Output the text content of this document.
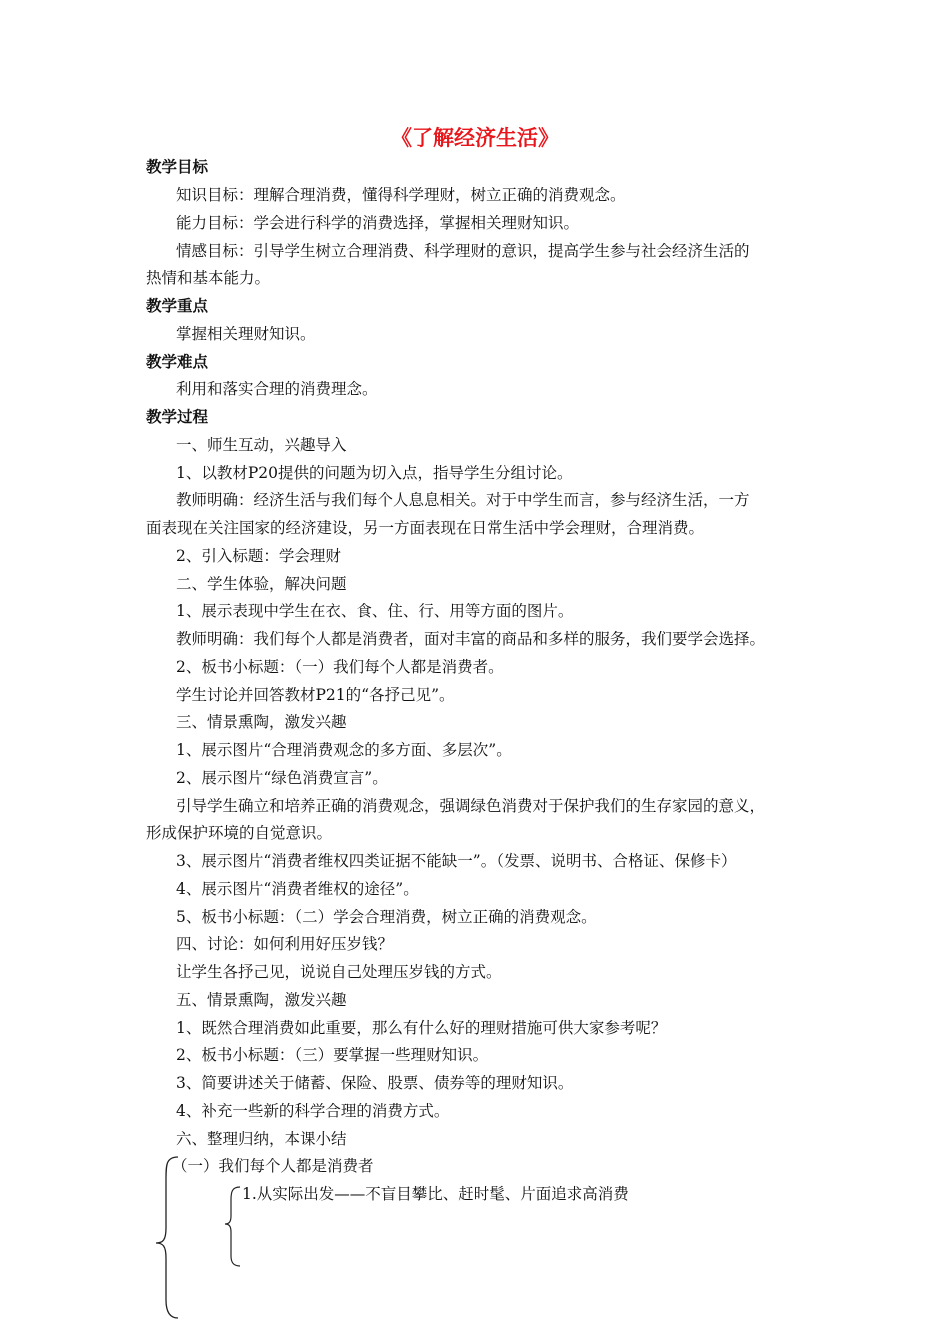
《了解经济生活》
教学目标
知识目标：理解合理消费，懂得科学理财，树立正确的消费观念。
能力目标：学会进行科学的消费选择，掌握相关理财知识。
情感目标：引导学生树立合理消费、科学理财的意识，提高学生参与社会经济生活的
热情和基本能力。
教学重点
掌握相关理财知识。
教学难点
利用和落实合理的消费理念。
教学过程
一、师生互动，兴趣导入
1、以教材P20提供的问题为切入点，指导学生分组讨论。
教师明确：经济生活与我们每个人息息相关。对于中学生而言，参与经济生活，一方
面表现在关注国家的经济建设，另一方面表现在日常生活中学会理财，合理消费。
2、引入标题：学会理财
二、学生体验，解决问题
1、展示表现中学生在衣、食、住、行、用等方面的图片。
教师明确：我们每个人都是消费者，面对丰富的商品和多样的服务，我们要学会选择。
2、板书小标题：（一）我们每个人都是消费者。
学生讨论并回答教材P21的“各抒己见”。
三、情景熏陶，激发兴趣
1、展示图片“合理消费观念的多方面、多层次”。
2、展示图片“绿色消费宣言”。
引导学生确立和培养正确的消费观念，强调绿色消费对于保护我们的生存家园的意义，
形成保护环境的自觉意识。
3、展示图片“消费者维权四类证据不能缺一”。（发票、说明书、合格证、保修卡）
4、展示图片“消费者维权的途径”。
5、板书小标题：（二）学会合理消费，树立正确的消费观念。
四、讨论：如何利用好压岁钱？
让学生各抒己见，说说自己处理压岁钱的方式。
五、情景熏陶，激发兴趣
1、既然合理消费如此重要，那么有什么好的理财措施可供大家参考呢？
2、板书小标题：（三）要掌握一些理财知识。
3、简要讲述关于储蓄、保险、股票、债券等的理财知识。
4、补充一些新的科学合理的消费方式。
六、整理归纳，本课小结
（一）我们每个人都是消费者
1.从实际出发——不盲目攀比、赶时髦、片面追求高消费
